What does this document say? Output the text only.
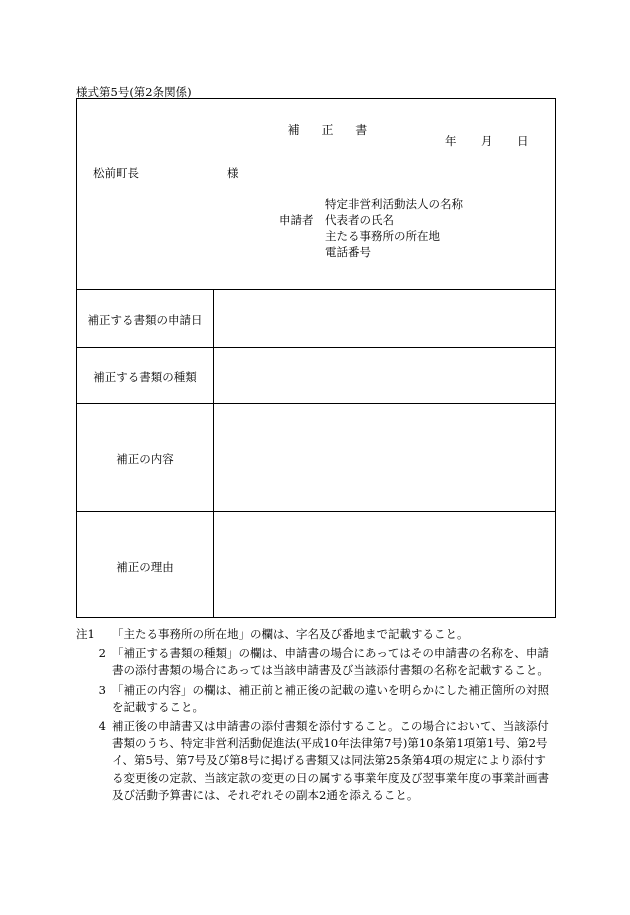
様式第5号(第2条関係)
補 正 書
年 月 日
松前町長	様
申請者
特定非営利活動法人の名称
代表者の氏名
主たる事務所の所在地
電話番号
補正する書類の申請日
補正する書類の種類
補正の内容
補正の理由
注1	「主たる事務所の所在地」の欄は、字名及び番地まで記載すること。
2 「補正する書類の種類」の欄は、申請書の場合にあってはその申請書の名称を、申請書の添付書類の場合にあっては当該申請書及び当該添付書類の名称を記載すること。
3 「補正の内容」の欄は、補正前と補正後の記載の違いを明らかにした補正箇所の対照を記載すること。
4 補正後の申請書又は申請書の添付書類を添付すること。この場合において、当該添付書類のうち、特定非営利活動促進法(平成10年法律第7号)第10条第1項第1号、第2号イ、第5号、第7号及び第8号に掲げる書類又は同法第25条第4項の規定により添付する変更後の定款、当該定款の変更の日の属する事業年度及び翌事業年度の事業計画書及び活動予算書には、それぞれその副本2通を添えること。
